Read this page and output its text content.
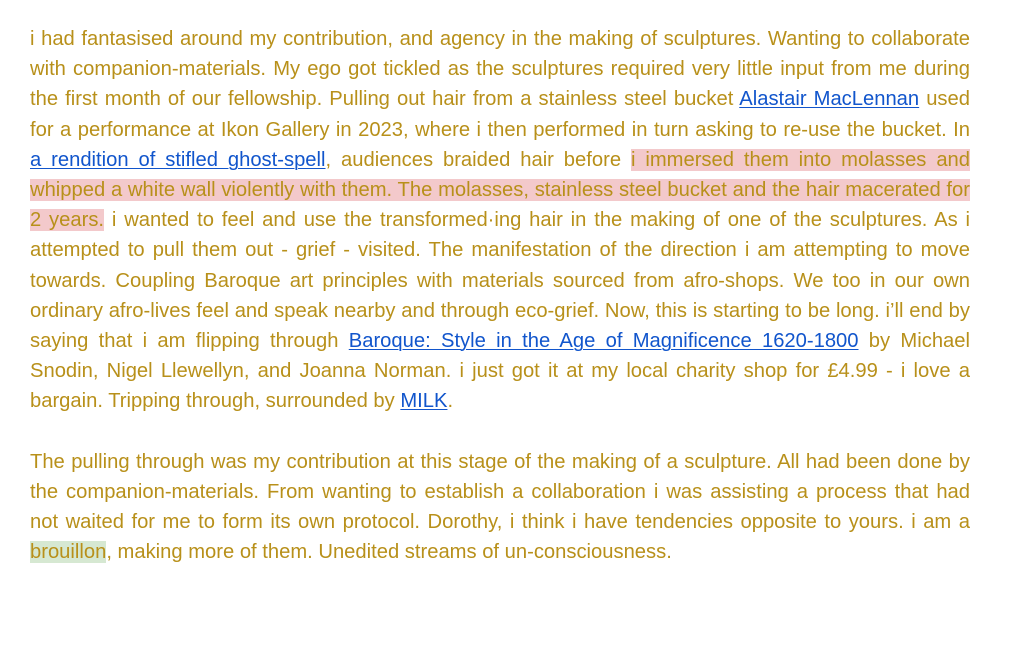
i had fantasised around my contribution, and agency in the making of sculptures. Wanting to collaborate with companion-materials. My ego got tickled as the sculptures required very little input from me during the first month of our fellowship. Pulling out hair from a stainless steel bucket Alastair MacLennan used for a performance at Ikon Gallery in 2023, where i then performed in turn asking to re-use the bucket. In a rendition of stifled ghost-spell, audiences braided hair before i immersed them into molasses and whipped a white wall violently with them. The molasses, stainless steel bucket and the hair macerated for 2 years. i wanted to feel and use the transformed·ing hair in the making of one of the sculptures. As i attempted to pull them out - grief - visited. The manifestation of the direction i am attempting to move towards. Coupling Baroque art principles with materials sourced from afro-shops. We too in our own ordinary afro-lives feel and speak nearby and through eco-grief. Now, this is starting to be long. i’ll end by saying that i am flipping through Baroque: Style in the Age of Magnificence 1620-1800 by Michael Snodin, Nigel Llewellyn, and Joanna Norman. i just got it at my local charity shop for £4.99 - i love a bargain. Tripping through, surrounded by MILK.

The pulling through was my contribution at this stage of the making of a sculpture. All had been done by the companion-materials. From wanting to establish a collaboration i was assisting a process that had not waited for me to form its own protocol. Dorothy, i think i have tendencies opposite to yours. i am a brouillon, making more of them. Unedited streams of un-consciousness.
